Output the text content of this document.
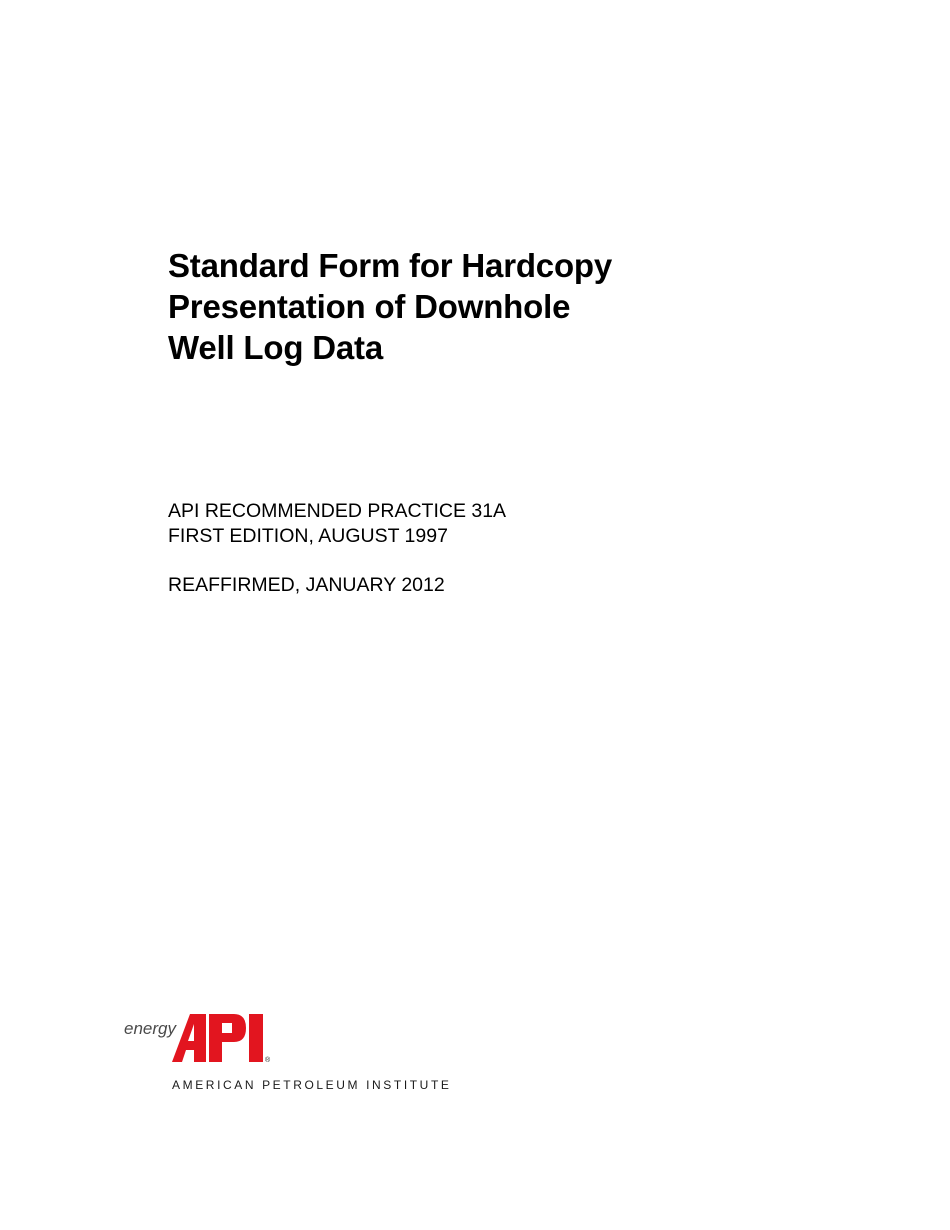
Standard Form for Hardcopy
Presentation of Downhole
Well Log Data
API RECOMMENDED PRACTICE 31A
FIRST EDITION, AUGUST 1997
REAFFIRMED, JANUARY 2012
energy
®
AMERICAN PETROLEUM INSTITUTE
